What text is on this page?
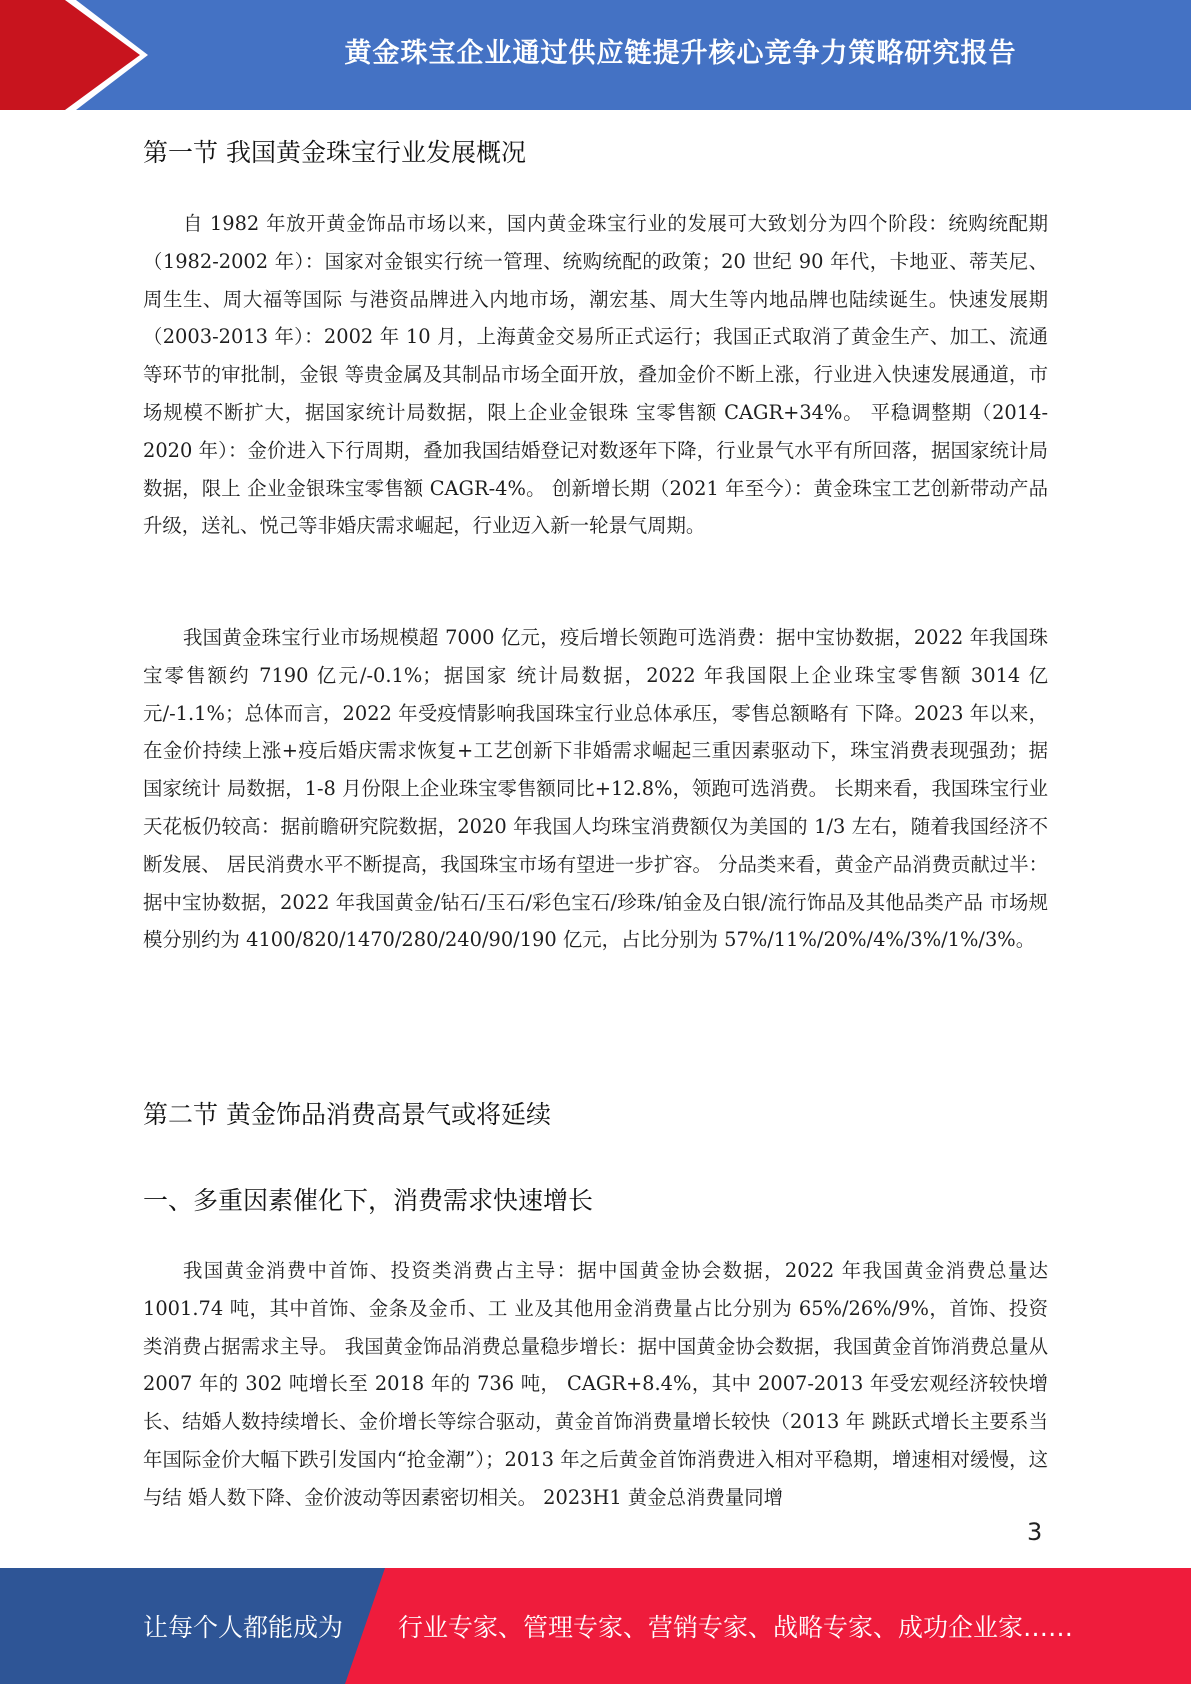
黄金珠宝企业通过供应链提升核心竞争力策略研究报告
第一节 我国黄金珠宝行业发展概况

自 1982 年放开黄金饰品市场以来，国内黄金珠宝行业的发展可大致划分为四个阶段：统购统配期（1982-2002 年）：国家对金银实行统一管理、统购统配的政策；20 世纪 90 年代，卡地亚、蒂芙尼、周生生、周大福等国际 与港资品牌进入内地市场，潮宏基、周大生等内地品牌也陆续诞生。快速发展期（2003-2013 年）：2002 年 10 月，上海黄金交易所正式运行；我国正式取消了黄金生产、加工、流通等环节的审批制，金银 等贵金属及其制品市场全面开放，叠加金价不断上涨，行业进入快速发展通道，市场规模不断扩大，据国家统计局数据，限上企业金银珠 宝零售额 CAGR+34%。 平稳调整期（2014-2020 年）：金价进入下行周期，叠加我国结婚登记对数逐年下降，行业景气水平有所回落，据国家统计局数据，限上 企业金银珠宝零售额 CAGR-4%。 创新增长期（2021 年至今）：黄金珠宝工艺创新带动产品升级，送礼、悦己等非婚庆需求崛起，行业迈入新一轮景气周期。

我国黄金珠宝行业市场规模超 7000 亿元，疫后增长领跑可选消费：据中宝协数据，2022 年我国珠宝零售额约 7190 亿元/-0.1%；据国家 统计局数据，2022 年我国限上企业珠宝零售额 3014 亿元/-1.1%；总体而言，2022 年受疫情影响我国珠宝行业总体承压，零售总额略有 下降。2023 年以来，在金价持续上涨+疫后婚庆需求恢复+工艺创新下非婚需求崛起三重因素驱动下，珠宝消费表现强劲；据国家统计 局数据，1-8 月份限上企业珠宝零售额同比+12.8%，领跑可选消费。 长期来看，我国珠宝行业天花板仍较高：据前瞻研究院数据，2020 年我国人均珠宝消费额仅为美国的 1/3 左右，随着我国经济不断发展、 居民消费水平不断提高，我国珠宝市场有望进一步扩容。 分品类来看，黄金产品消费贡献过半：据中宝协数据，2022 年我国黄金/钻石/玉石/彩色宝石/珍珠/铂金及白银/流行饰品及其他品类产品 市场规模分别约为 4100/820/1470/280/240/90/190 亿元，占比分别为 57%/11%/20%/4%/3%/1%/3%。

第二节 黄金饰品消费高景气或将延续
一、多重因素催化下，消费需求快速增长

我国黄金消费中首饰、投资类消费占主导：据中国黄金协会数据，2022 年我国黄金消费总量达 1001.74 吨，其中首饰、金条及金币、工 业及其他用金消费量占比分别为 65%/26%/9%，首饰、投资类消费占据需求主导。 我国黄金饰品消费总量稳步增长：据中国黄金协会数据，我国黄金首饰消费总量从 2007 年的 302 吨增长至 2018 年的 736 吨， CAGR+8.4%，其中 2007-2013 年受宏观经济较快增长、结婚人数持续增长、金价增长等综合驱动，黄金首饰消费量增长较快（2013 年 跳跃式增长主要系当年国际金价大幅下跌引发国内“抢金潮”）；2013 年之后黄金首饰消费进入相对平稳期，增速相对缓慢，这与结 婚人数下降、金价波动等因素密切相关。 2023H1 黄金总消费量同增

3
让每个人都能成为 行业专家、管理专家、营销专家、战略专家、成功企业家……
